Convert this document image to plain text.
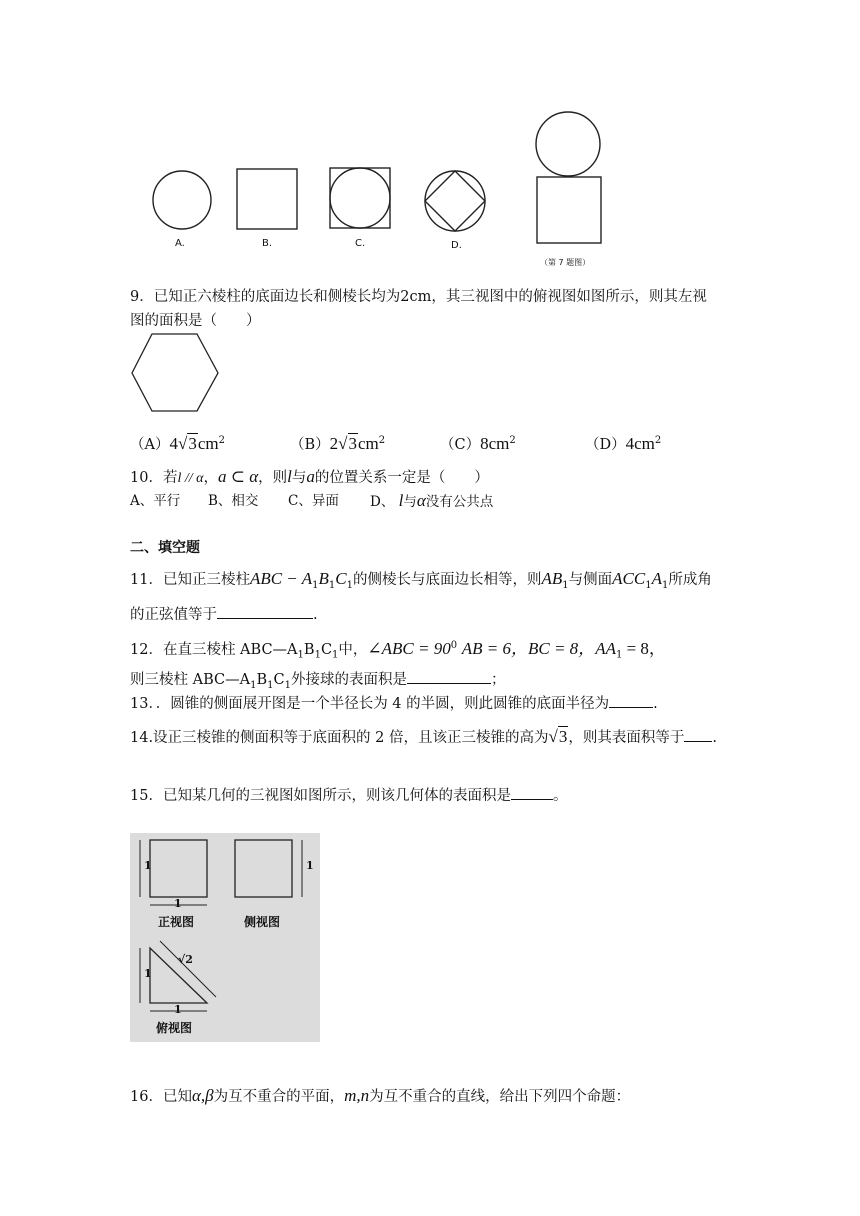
A.	B.	C.	D.
（第 7 题图）
9．已知正六棱柱的底面边长和侧棱长均为2cm，其三视图中的俯视图如图所示，则其左视
图的面积是（　　）
$(A)4√3cm^2$	$(B)2√3cm^2$	$(C)8cm^2$	$(D)4cm^2$
10．若l // α，a ⊂ α，则l与a的位置关系一定是（　　）
A、平行 B、相交 C、异面 D、 l与α没有公共点
二、填空题
11．已知正三棱柱ABC − $A_1B_1C_1$的侧棱长与底面边长相等，则$AB_1$与侧面$ACC_1A_1$所成角
的正弦值等于	.
12．在直三棱柱 $ABC—A_1B_1C_1$中，∠ABC = $90^0$ AB = 6，BC = 8，$AA_1 = 8$，
则三棱柱 $ABC—A_1B_1C_1$外接球的表面积是	；
13．．圆锥的侧面展开图是一个半径长为 4 的半圆，则此圆锥的底面半径为	.
14.设正三棱锥的侧面积等于底面积的 2 倍，且该正三棱锥的高为√3，则其表面积等于 .
15．已知某几何的三视图如图所示，则该几何体的表面积是	。
1
1
正视图
1
侧视图
√2
1
1
俯视图
16．已知α,β为互不重合的平面，m,n为互不重合的直线，给出下列四个命题：
